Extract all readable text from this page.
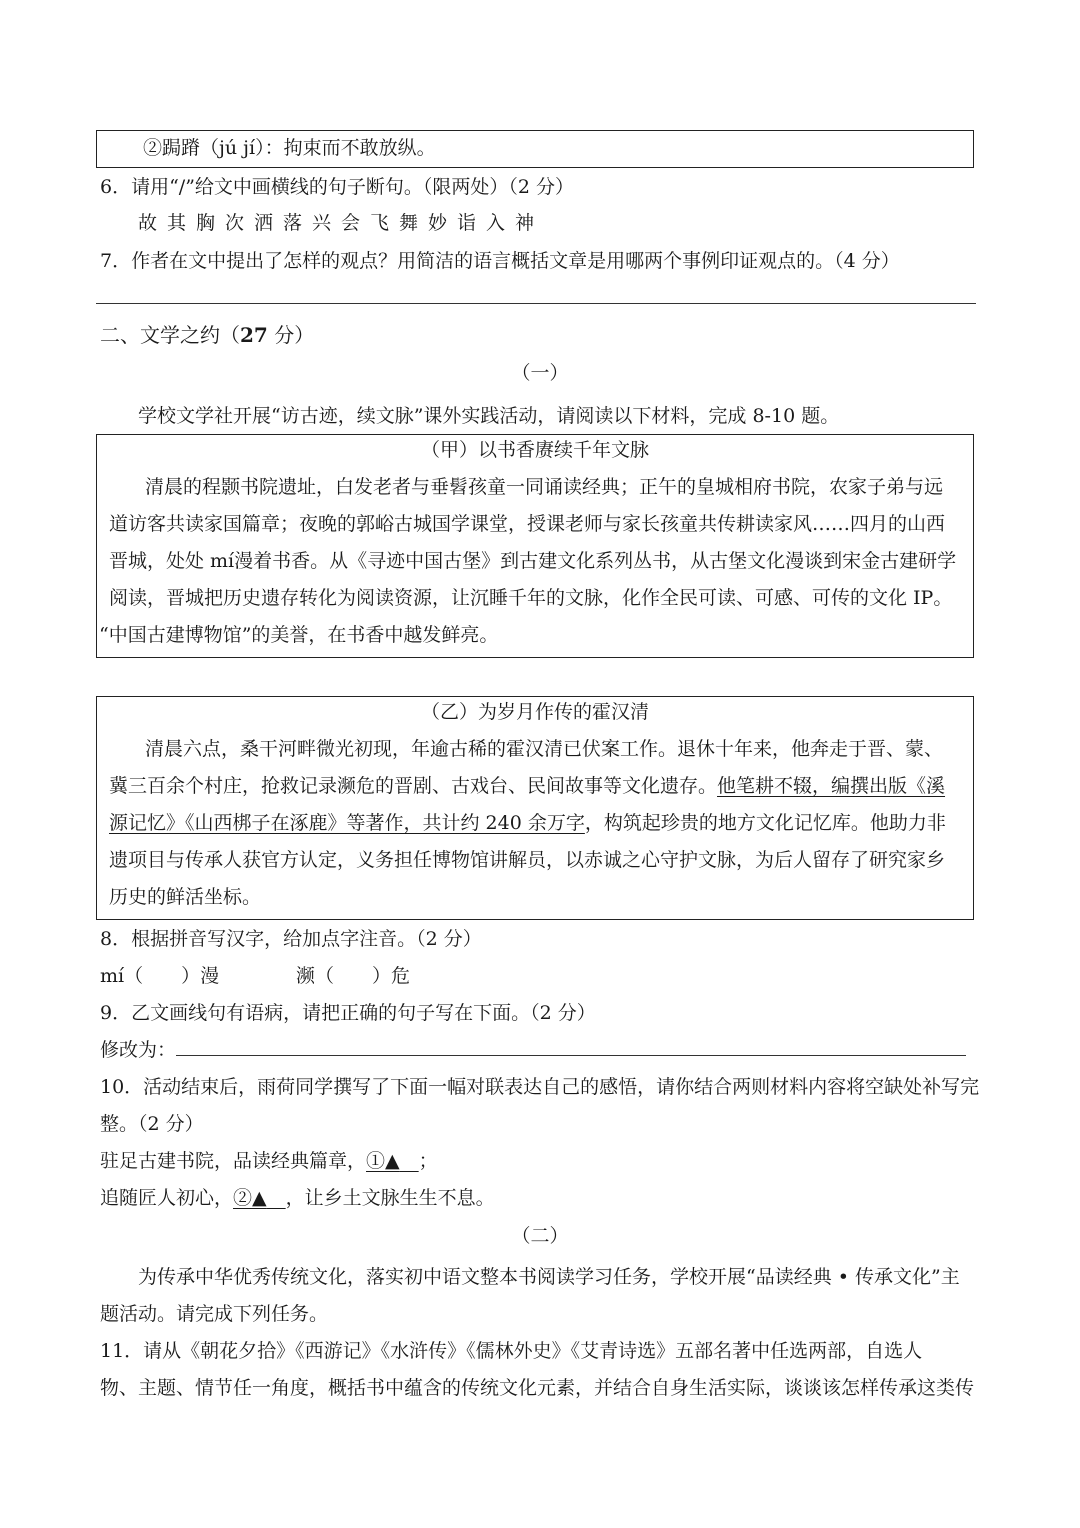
②跼蹐（jú jí）：拘束而不敢放纵。
6．请用“/”给文中画横线的句子断句。（限两处）（2 分）
故其胸次洒落兴会飞舞妙诣入神
7．作者在文中提出了怎样的观点？用简洁的语言概括文章是用哪两个事例印证观点的。（4 分）
二、文学之约（27 分）
（一）
学校文学社开展“访古迹，续文脉”课外实践活动，请阅读以下材料，完成 8-10 题。
（甲）以书香赓续千年文脉
清晨的程颢书院遗址，白发老者与垂髫孩童一同诵读经典；正午的皇城相府书院，农家子弟与远
道访客共读家国篇章；夜晚的郭峪古城国学课堂，授课老师与家长孩童共传耕读家风……四月的山西
晋城，处处 mí漫着书香。从《寻迹中国古堡》到古建文化系列丛书，从古堡文化漫谈到宋金古建研学
阅读，晋城把历史遗存转化为阅读资源，让沉睡千年的文脉，化作全民可读、可感、可传的文化 IP。
“中国古建博物馆”的美誉，在书香中越发鲜亮。
（乙）为岁月作传的霍汉清
清晨六点，桑干河畔微光初现，年逾古稀的霍汉清已伏案工作。退休十年来，他奔走于晋、蒙、
冀三百余个村庄，抢救记录濒危的晋剧、古戏台、民间故事等文化遗存。他笔耕不辍，编撰出版《溪
源记忆》《山西梆子在涿鹿》等著作，共计约 240 余万字，构筑起珍贵的地方文化记忆库。他助力非
遗项目与传承人获官方认定，义务担任博物馆讲解员，以赤诚之心守护文脉，为后人留存了研究家乡
历史的鲜活坐标。
8．根据拼音写汉字，给加点字注音。（2 分）
mí（　　）漫	濒（　　）危
9．乙文画线句有语病，请把正确的句子写在下面。（2 分）
修改为：
10．活动结束后，雨荷同学撰写了下面一幅对联表达自己的感悟，请你结合两则材料内容将空缺处补写完
整。（2 分）
驻足古建书院，品读经典篇章，①▲　 ；
追随匠人初心，②▲　 ，让乡土文脉生生不息。
（二）
为传承中华优秀传统文化，落实初中语文整本书阅读学习任务，学校开展“品读经典 • 传承文化”主
题活动。请完成下列任务。
11．请从《朝花夕拾》《西游记》《水浒传》《儒林外史》《艾青诗选》五部名著中任选两部，自选人
物、主题、情节任一角度，概括书中蕴含的传统文化元素，并结合自身生活实际，谈谈该怎样传承这类传
